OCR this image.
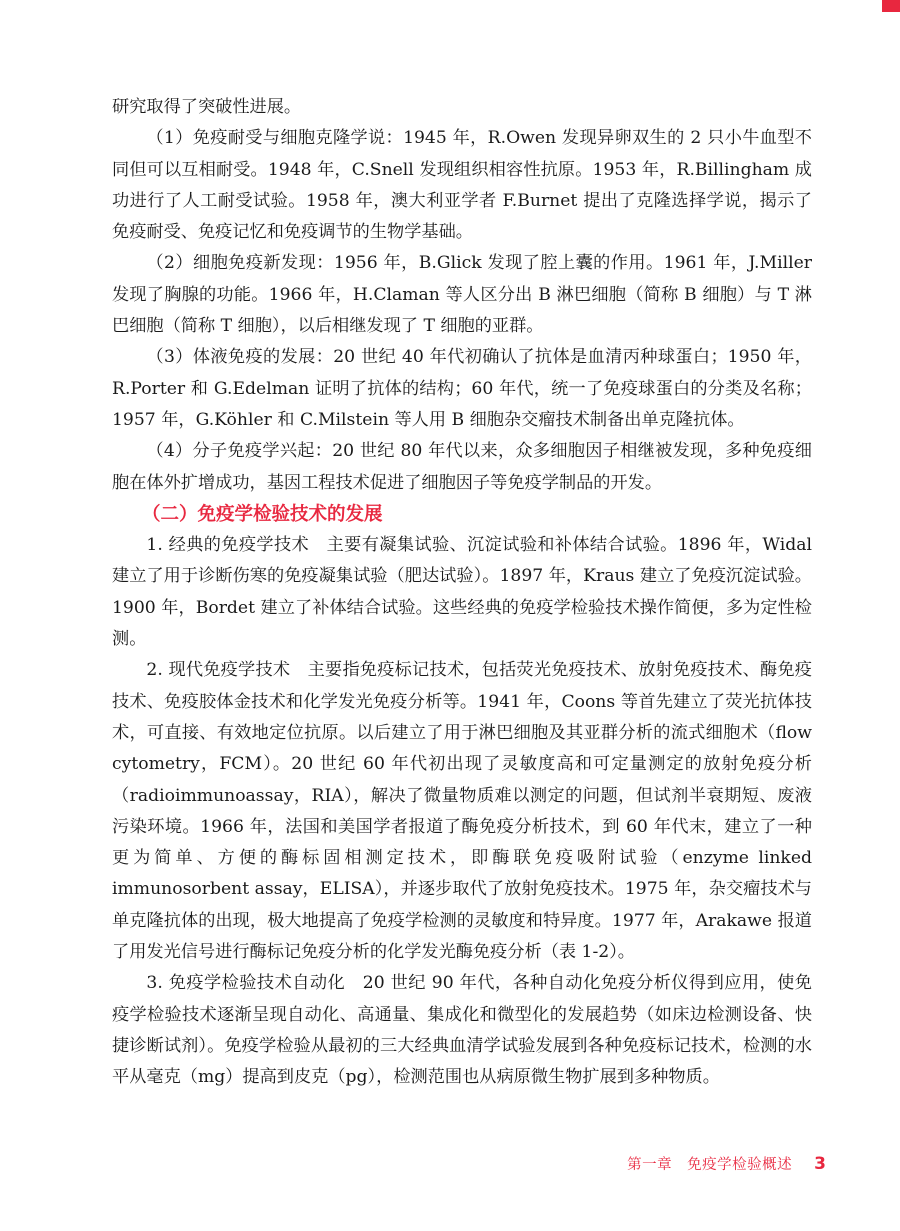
研究取得了突破性进展。

（1）免疫耐受与细胞克隆学说：1945 年，R.Owen 发现异卵双生的 2 只小牛血型不同但可以互相耐受。1948 年，C.Snell 发现组织相容性抗原。1953 年，R.Billingham 成功进行了人工耐受试验。1958 年，澳大利亚学者 F.Burnet 提出了克隆选择学说，揭示了免疫耐受、免疫记忆和免疫调节的生物学基础。

（2）细胞免疫新发现：1956 年，B.Glick 发现了腔上囊的作用。1961 年，J.Miller 发现了胸腺的功能。1966 年，H.Claman 等人区分出 B 淋巴细胞（简称 B 细胞）与 T 淋巴细胞（简称 T 细胞），以后相继发现了 T 细胞的亚群。

（3）体液免疫的发展：20 世纪 40 年代初确认了抗体是血清丙种球蛋白；1950 年，R.Porter 和 G.Edelman 证明了抗体的结构；60 年代，统一了免疫球蛋白的分类及名称；1957 年，G.Köhler 和 C.Milstein 等人用 B 细胞杂交瘤技术制备出单克隆抗体。

（4）分子免疫学兴起：20 世纪 80 年代以来，众多细胞因子相继被发现，多种免疫细胞在体外扩增成功，基因工程技术促进了细胞因子等免疫学制品的开发。

（二）免疫学检验技术的发展

1. 经典的免疫学技术　 主要有凝集试验、沉淀试验和补体结合试验。1896 年，Widal 建立了用于诊断伤寒的免疫凝集试验（肥达试验）。1897 年，Kraus 建立了免疫沉淀试验。1900 年，Bordet 建立了补体结合试验。这些经典的免疫学检验技术操作简便，多为定性检测。

2. 现代免疫学技术　 主要指免疫标记技术，包括荧光免疫技术、放射免疫技术、酶免疫技术、免疫胶体金技术和化学发光免疫分析等。1941 年，Coons 等首先建立了荧光抗体技术，可直接、有效地定位抗原。以后建立了用于淋巴细胞及其亚群分析的流式细胞术（flow cytometry，FCM）。20 世纪 60 年代初出现了灵敏度高和可定量测定的放射免疫分析（radioimmunoassay，RIA），解决了微量物质难以测定的问题，但试剂半衰期短、废液污染环境。1966 年，法国和美国学者报道了酶免疫分析技术，到 60 年代末，建立了一种更为简单、方便的酶标固相测定技术，即酶联免疫吸附试验（enzyme linked immunosorbent assay，ELISA），并逐步取代了放射免疫技术。1975 年，杂交瘤技术与单克隆抗体的出现，极大地提高了免疫学检测的灵敏度和特异度。1977 年，Arakawe 报道了用发光信号进行酶标记免疫分析的化学发光酶免疫分析（表 1-2）。

3. 免疫学检验技术自动化　 20 世纪 90 年代，各种自动化免疫分析仪得到应用，使免疫学检验技术逐渐呈现自动化、高通量、集成化和微型化的发展趋势（如床边检测设备、快捷诊断试剂）。免疫学检验从最初的三大经典血清学试验发展到各种免疫标记技术，检测的水平从毫克（mg）提高到皮克（pg），检测范围也从病原微生物扩展到多种物质。

第一章　免疫学检验概述 3
